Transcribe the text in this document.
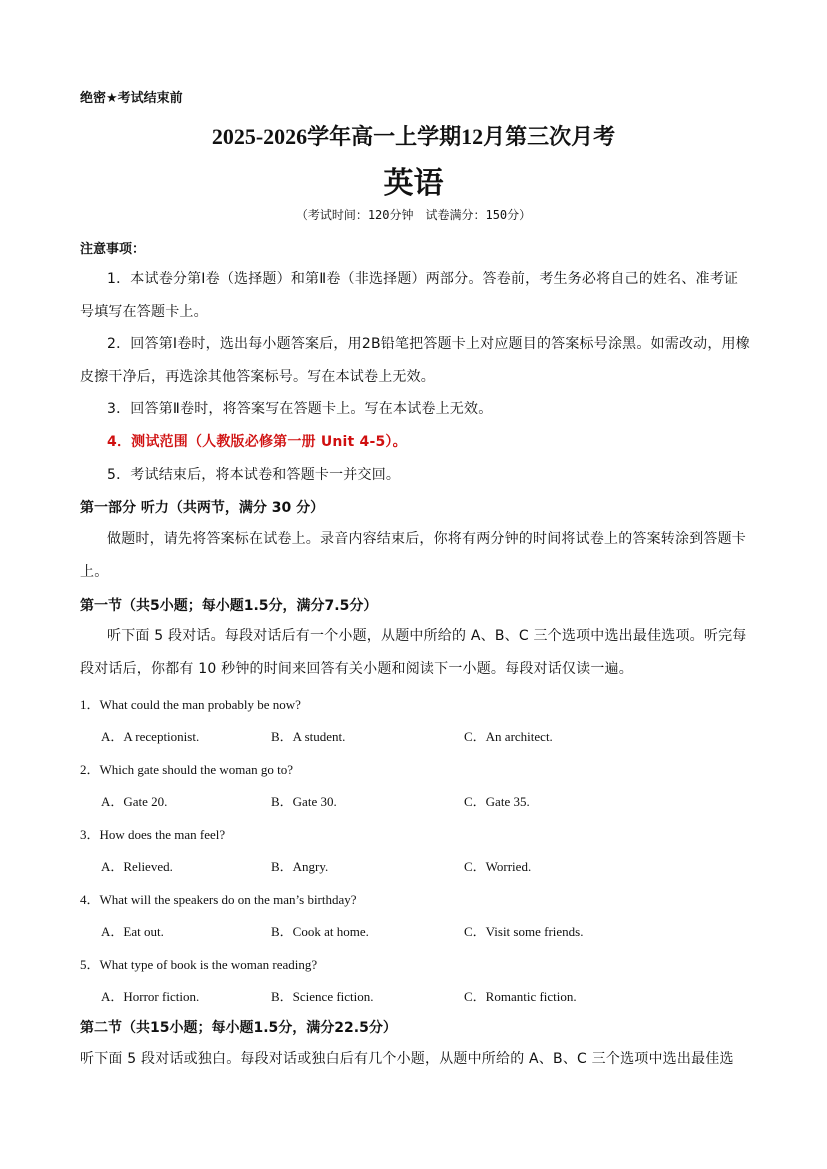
绝密★考试结束前
2025-2026学年高一上学期12月第三次月考
英语
（考试时间：120分钟　试卷满分：150分）
注意事项：
1．本试卷分第Ⅰ卷（选择题）和第Ⅱ卷（非选择题）两部分。答卷前，考生务必将自己的姓名、准考证号填写在答题卡上。
2．回答第Ⅰ卷时，选出每小题答案后，用2B铅笔把答题卡上对应题目的答案标号涂黑。如需改动，用橡皮擦干净后，再选涂其他答案标号。写在本试卷上无效。
3．回答第Ⅱ卷时，将答案写在答题卡上。写在本试卷上无效。
4．测试范围（人教版必修第一册 Unit 4-5）。
5．考试结束后，将本试卷和答题卡一并交回。
第一部分 听力（共两节，满分 30 分）
做题时，请先将答案标在试卷上。录音内容结束后，你将有两分钟的时间将试卷上的答案转涂到答题卡上。
第一节（共5小题；每小题1.5分，满分7.5分）
听下面 5 段对话。每段对话后有一个小题，从题中所给的 A、B、C 三个选项中选出最佳选项。听完每段对话后，你都有 10 秒钟的时间来回答有关小题和阅读下一小题。每段对话仅读一遍。
1．What could the man probably be now?
A．A receptionist.	B．A student.	C．An architect.
2．Which gate should the woman go to?
A．Gate 20.	B．Gate 30.	C．Gate 35.
3．How does the man feel?
A．Relieved.	B．Angry.	C．Worried.
4．What will the speakers do on the man’s birthday?
A．Eat out.	B．Cook at home.	C．Visit some friends.
5．What type of book is the woman reading?
A．Horror fiction.	B．Science fiction.	C．Romantic fiction.
第二节（共15小题；每小题1.5分，满分22.5分）
听下面 5 段对话或独白。每段对话或独白后有几个小题，从题中所给的 A、B、C 三个选项中选出最佳选
